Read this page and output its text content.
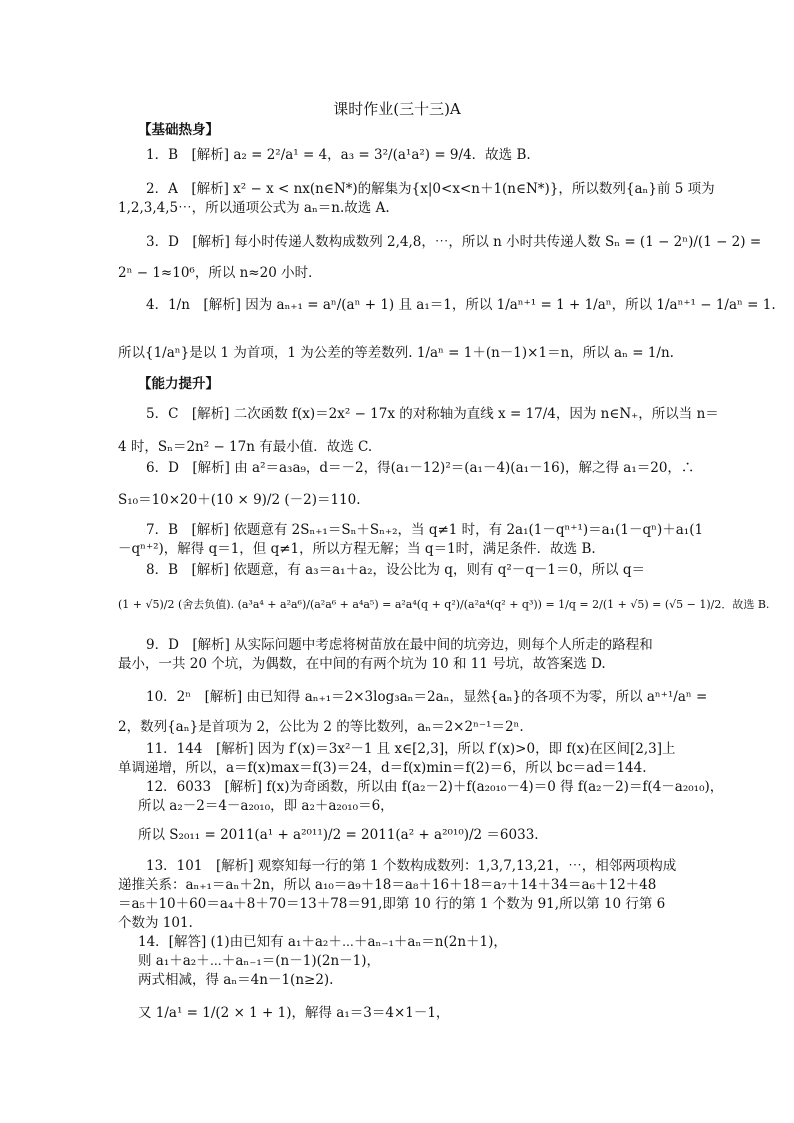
课时作业(三十三)A
【基础热身】
1．B　[解析] a₂ = 2²/a¹ = 4，a₃ = 3²/(a¹a²) = 9/4．故选 B.
2．A　[解析] x² − x < nx(n∈N*)的解集为{x|0<x<n＋1(n∈N*)}，所以数列{aₙ}前 5 项为
1,2,3,4,5⋯，所以通项公式为 aₙ＝n.故选 A.
3．D　[解析] 每小时传递人数构成数列 2,4,8，⋯，所以 n 小时共传递人数 Sₙ = (1 − 2ⁿ)/(1 − 2) =
2ⁿ − 1≈10⁶，所以 n≈20 小时．
4．1/n　[解析] 因为 aₙ₊₁ = aⁿ/(aⁿ + 1) 且 a₁＝1，所以 1/aⁿ⁺¹ = 1 + 1/aⁿ，所以 1/aⁿ⁺¹ − 1/aⁿ = 1.
所以{1/aⁿ}是以 1 为首项，1 为公差的等差数列. 1/aⁿ = 1＋(n－1)×1＝n，所以 aₙ = 1/n.
【能力提升】
5．C　[解析] 二次函数 f(x)＝2x² − 17x 的对称轴为直线 x = 17/4，因为 n∈N₊，所以当 n＝
4 时，Sₙ＝2n² − 17n 有最小值．故选 C.
6．D　[解析] 由 a²＝a₃a₉，d＝－2，得(a₁－12)²＝(a₁－4)(a₁－16)，解之得 a₁＝20，∴
S₁₀＝10×20＋(10 × 9)/2 (－2)＝110.
7．B　[解析] 依题意有 2Sₙ₊₁＝Sₙ＋Sₙ₊₂，当 q≠1 时，有 2a₁(1－qⁿ⁺¹)＝a₁(1－qⁿ)＋a₁(1
－qⁿ⁺²)，解得 q＝1，但 q≠1，所以方程无解；当 q＝1时，满足条件．故选 B.
8．B　[解析] 依题意，有 a₃＝a₁＋a₂，设公比为 q，则有 q²－q－1＝0，所以 q＝
(1 + √5)/2 (舍去负值). (a³a⁴ + a²a⁶)/(a²a⁶ + a⁴a⁵) = a²a⁴(q + q²)/(a²a⁴(q² + q³)) = 1/q = 2/(1 + √5) = (√5 − 1)/2．故选 B.
9．D　[解析] 从实际问题中考虑将树苗放在最中间的坑旁边，则每个人所走的路程和
最小，一共 20 个坑，为偶数，在中间的有两个坑为 10 和 11 号坑，故答案选 D.
10．2ⁿ　[解析] 由已知得 aₙ₊₁＝2×3log₃aₙ＝2aₙ，显然{aₙ}的各项不为零，所以 aⁿ⁺¹/aⁿ =
2，数列{aₙ}是首项为 2，公比为 2 的等比数列，aₙ＝2×2ⁿ⁻¹＝2ⁿ.
11．144　[解析] 因为 f′(x)＝3x²－1 且 x∈[2,3]，所以 f′(x)>0，即 f(x)在区间[2,3]上
单调递增，所以，a＝f(x)max＝f(3)＝24，d＝f(x)min＝f(2)＝6，所以 bc＝ad＝144.
12．6033　[解析] f(x)为奇函数，所以由 f(a₂－2)＋f(a₂₀₁₀－4)＝0 得 f(a₂－2)＝f(4－a₂₀₁₀)，
所以 a₂－2＝4－a₂₀₁₀，即 a₂＋a₂₀₁₀＝6，
所以 S₂₀₁₁ = 2011(a¹ + a²⁰¹¹)/2 = 2011(a² + a²⁰¹⁰)/2 ＝6033.
13．101　[解析] 观察知每一行的第 1 个数构成数列：1,3,7,13,21，⋯，相邻两项构成
递推关系：aₙ₊₁＝aₙ＋2n，所以 a₁₀＝a₉＋18＝a₈＋16＋18＝a₇＋14＋34＝a₆＋12＋48
＝a₅＋10＋60＝a₄＋8＋70＝13＋78＝91,即第 10 行的第 1 个数为 91,所以第 10 行第 6
个数为 101.
14．[解答] (1)由已知有 a₁＋a₂＋⋯＋aₙ₋₁＋aₙ＝n(2n＋1)，
则 a₁＋a₂＋⋯＋aₙ₋₁＝(n－1)(2n－1)，
两式相减，得 aₙ＝4n－1(n≥2).
又 1/a¹ = 1/(2 × 1 + 1)，解得 a₁＝3＝4×1－1，
